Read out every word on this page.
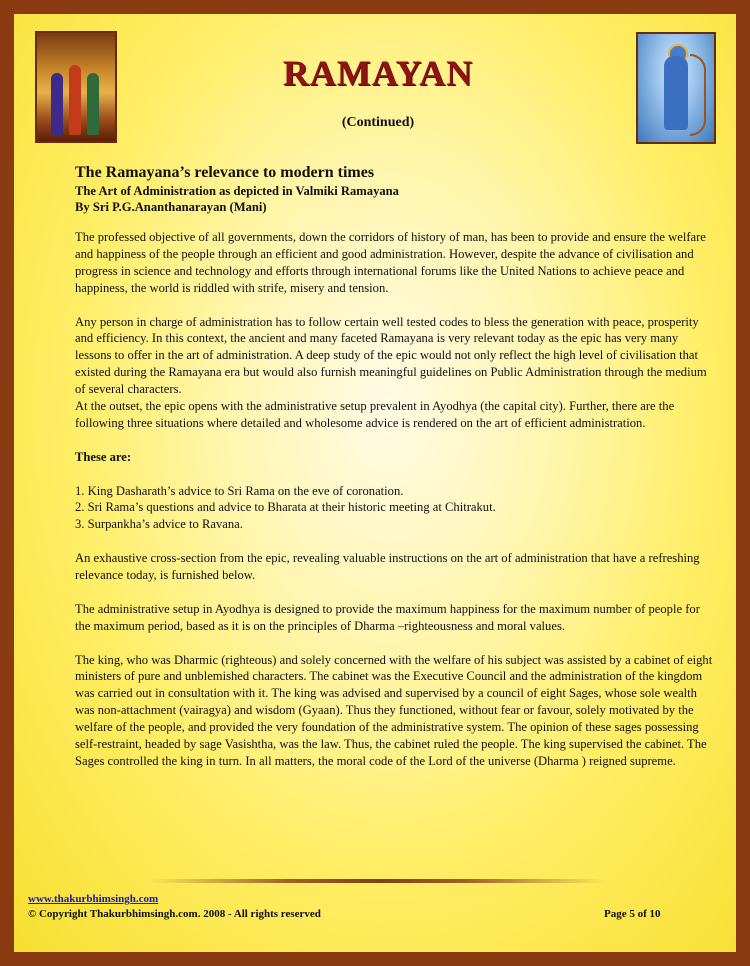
RAMAYAN
(Continued)
The Ramayana’s relevance to modern times
The Art of Administration as depicted in Valmiki Ramayana
By Sri P.G.Ananthanarayan (Mani)

The professed objective of all governments, down the corridors of history of man, has been to provide and ensure the welfare and happiness of the people through an efficient and good administration. However, despite the advance of civilisation and progress in science and technology and efforts through international forums like the United Nations to achieve peace and happiness, the world is riddled with strife, misery and tension.

Any person in charge of administration has to follow certain well tested codes to bless the generation with peace, prosperity and efficiency. In this context, the ancient and many faceted Ramayana is very relevant today as the epic has very many lessons to offer in the art of administration. A deep study of the epic would not only reflect the high level of civilisation that existed during the Ramayana era but would also furnish meaningful guidelines on Public Administration through the medium of several characters.

At the outset, the epic opens with the administrative setup prevalent in Ayodhya (the capital city). Further, there are the following three situations where detailed and wholesome advice is rendered on the art of efficient administration.

These are:

1. King Dasharath’s advice to Sri Rama on the eve of coronation.
2. Sri Rama’s questions and advice to Bharata at their historic meeting at Chitrakut.
3. Surpankha’s advice to Ravana.

An exhaustive cross-section from the epic, revealing valuable instructions on the art of administration that have a refreshing relevance today, is furnished below.

The administrative setup in Ayodhya is designed to provide the maximum happiness for the maximum number of people for the maximum period, based as it is on the principles of Dharma –righteousness and moral values.

The king, who was Dharmic (righteous) and solely concerned with the welfare of his subject was assisted by a cabinet of eight ministers of pure and unblemished characters. The cabinet was the Executive Council and the administration of the kingdom was carried out in consultation with it. The king was advised and supervised by a council of eight Sages, whose sole wealth was non-attachment (vairagya) and wisdom (Gyaan). Thus they functioned, without fear or favour, solely motivated by the welfare of the people, and provided the very foundation of the administrative system. The opinion of these sages possessing self-restraint, headed by sage Vasishtha, was the law. Thus, the cabinet ruled the people. The king supervised the cabinet. The Sages controlled the king in turn. In all matters, the moral code of the Lord of the universe (Dharma ) reigned supreme.

www.thakurbhimsingh.com
© Copyright Thakurbhimsingh.com. 2008 - All rights reserved	Page 5 of 10
